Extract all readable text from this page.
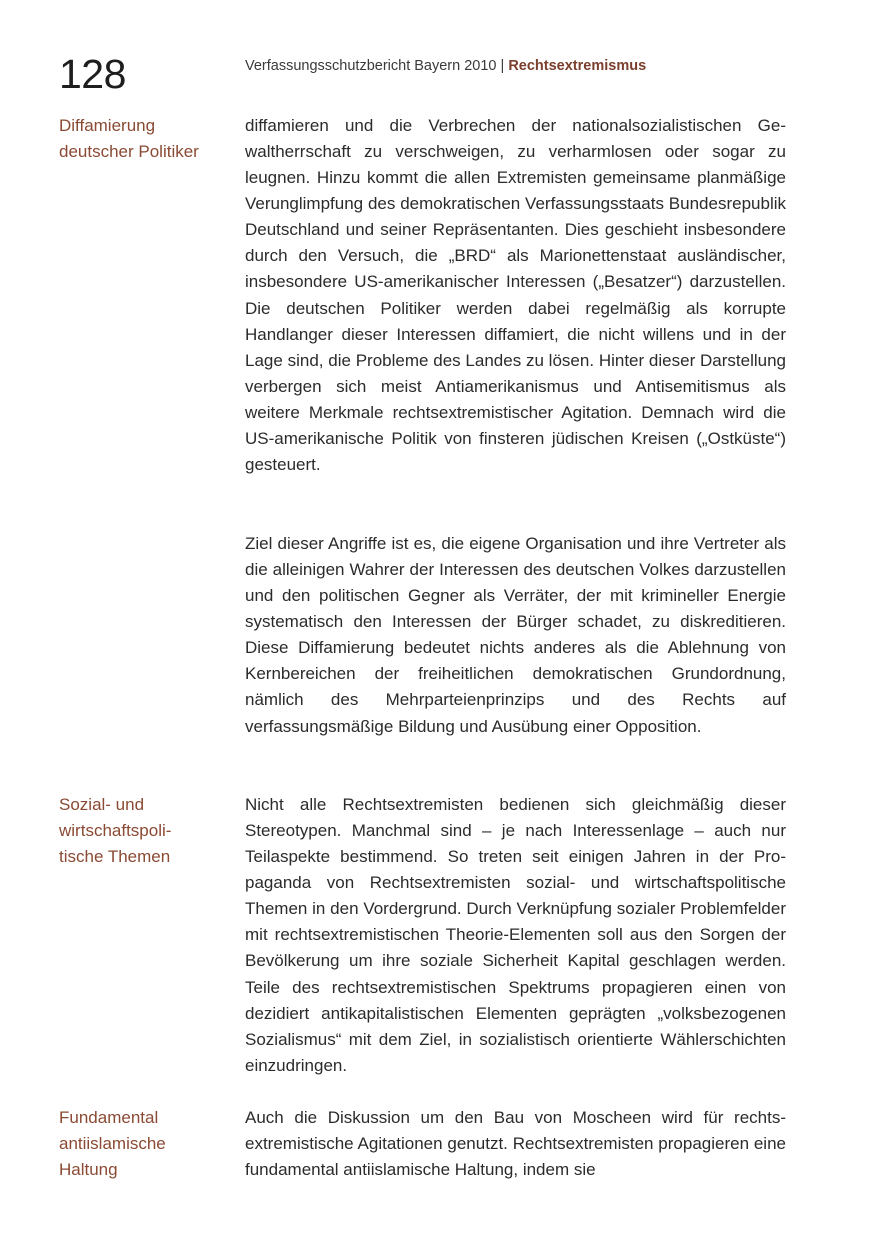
128	Verfassungsschutzbericht Bayern 2010 | Rechtsextremismus
Diffamierung
deutscher Politiker

diffamieren und die Verbrechen der nationalsozialistischen Gewaltherrschaft zu verschweigen, zu verharmlosen oder sogar zu leugnen. Hinzu kommt die allen Extremisten gemeinsame planmäßige Verunglimpfung des demokratischen Verfassungsstaats Bundesrepublik Deutschland und seiner Repräsentanten. Dies geschieht insbesondere durch den Versuch, die „BRD“ als Marionettenstaat ausländischer, insbesondere US-amerikanischer Interessen („Besatzer“) darzustellen. Die deutschen Politiker werden dabei regelmäßig als korrupte Handlanger dieser Interessen diffamiert, die nicht willens und in der Lage sind, die Probleme des Landes zu lösen. Hinter dieser Darstellung verbergen sich meist Antiamerikanismus und Antisemitismus als weitere Merkmale rechtsextremistischer Agitation. Demnach wird die US-amerikanische Politik von finsteren jüdischen Kreisen („Ostküste“) gesteuert.

Ziel dieser Angriffe ist es, die eigene Organisation und ihre Vertreter als die alleinigen Wahrer der Interessen des deutschen Volkes darzustellen und den politischen Gegner als Verräter, der mit krimineller Energie systematisch den Interessen der Bürger schadet, zu diskreditieren. Diese Diffamierung bedeutet nichts anderes als die Ablehnung von Kernbereichen der freiheitlichen demokratischen Grundordnung, nämlich des Mehrparteienprinzips und des Rechts auf verfassungsmäßige Bildung und Ausübung einer Opposition.

Sozial- und
wirtschaftspoli-
tische Themen

Nicht alle Rechtsextremisten bedienen sich gleichmäßig dieser Stereotypen. Manchmal sind – je nach Interessenlage – auch nur Teilaspekte bestimmend. So treten seit einigen Jahren in der Propaganda von Rechtsextremisten sozial- und wirtschaftspolitische Themen in den Vordergrund. Durch Verknüpfung sozialer Problemfelder mit rechtsextremistischen Theorie-Elementen soll aus den Sorgen der Bevölkerung um ihre soziale Sicherheit Kapital geschlagen werden. Teile des rechtsextremistischen Spektrums propagieren einen von dezidiert antikapitalistischen Elementen geprägten „volksbezogenen Sozialismus“ mit dem Ziel, in sozialistisch orientierte Wählerschichten einzudringen.

Fundamental
antiislamische
Haltung

Auch die Diskussion um den Bau von Moscheen wird für rechtsextremistische Agitationen genutzt. Rechtsextremisten propagieren eine fundamental antiislamische Haltung, indem sie
